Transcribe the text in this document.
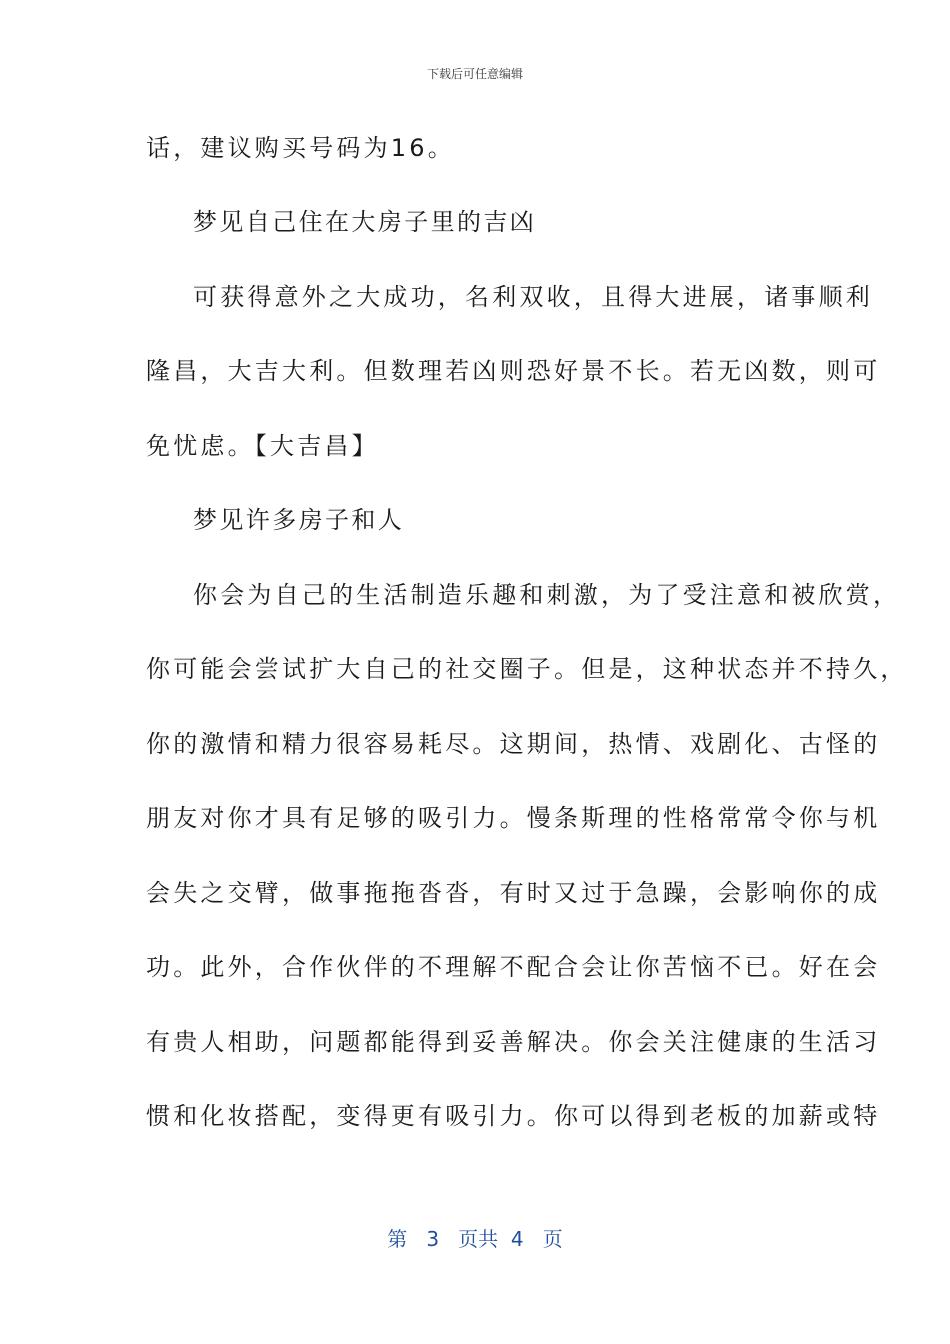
下载后可任意编辑
话，建议购买号码为16。
梦见自己住在大房子里的吉凶
可获得意外之大成功，名利双收，且得大进展，诸事顺利
隆昌，大吉大利。但数理若凶则恐好景不长。若无凶数，则可
免忧虑。【大吉昌】
梦见许多房子和人
你会为自己的生活制造乐趣和刺激，为了受注意和被欣赏，
你可能会尝试扩大自己的社交圈子。但是，这种状态并不持久，
你的激情和精力很容易耗尽。这期间，热情、戏剧化、古怪的
朋友对你才具有足够的吸引力。慢条斯理的性格常常令你与机
会失之交臂，做事拖拖沓沓，有时又过于急躁，会影响你的成
功。此外，合作伙伴的不理解不配合会让你苦恼不已。好在会
有贵人相助，问题都能得到妥善解决。你会关注健康的生活习
惯和化妆搭配，变得更有吸引力。你可以得到老板的加薪或特
第 3 页共 4 页
